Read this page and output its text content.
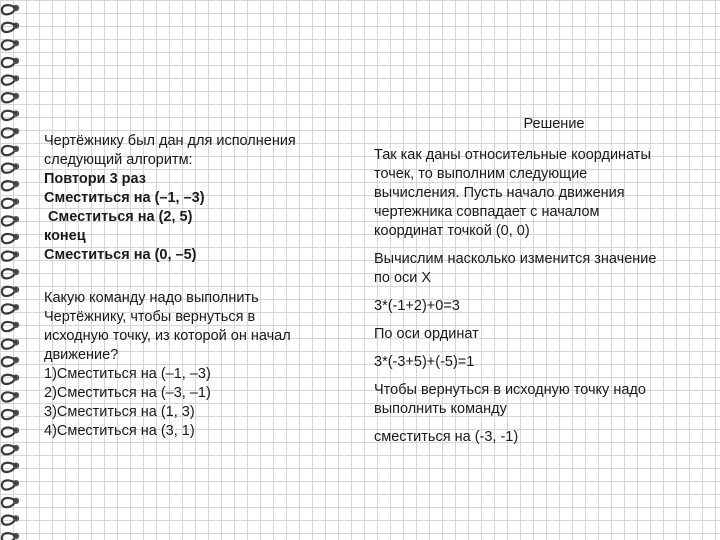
Чертёжнику был дан для исполнения
следующий алгоритм:
Повтори 3 раз
Сместиться на (–1, –3)
Сместиться на (2, 5)
конец
Сместиться на (0, –5)
Какую команду надо выполнить
Чертёжнику, чтобы вернуться в
исходную точку, из которой он начал
движение?
1)Сместиться на (–1, –3)
2)Сместиться на (–3, –1)
3)Сместиться на (1, 3)
4)Сместиться на (3, 1)
Решение
Так как даны относительные координаты
точек, то выполним следующие
вычисления. Пусть начало движения
чертежника совпадает с началом
координат точкой (0, 0)
Вычислим насколько изменится значение
по оси Х
3*(-1+2)+0=3
По оси ординат
3*(-3+5)+(-5)=1
Чтобы вернуться в исходную точку надо
выполнить команду
сместиться на (-3, -1)
